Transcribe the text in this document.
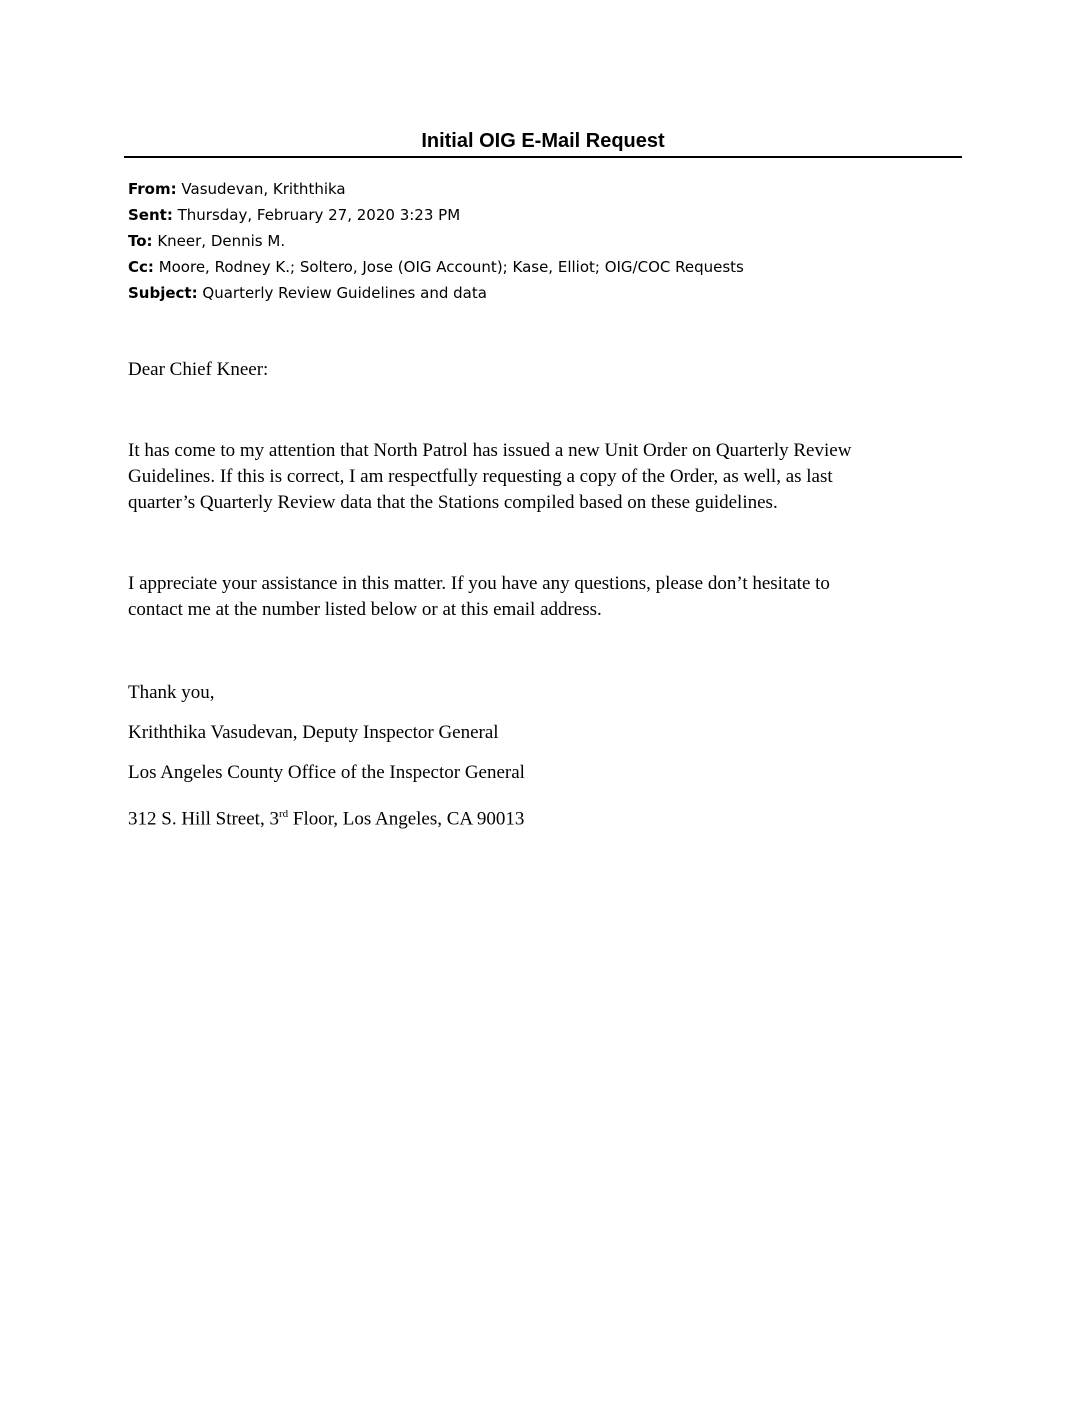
Initial OIG E-Mail Request
From: Vasudevan, Kriththika
Sent: Thursday, February 27, 2020 3:23 PM
To: Kneer, Dennis M.
Cc: Moore, Rodney K.; Soltero, Jose (OIG Account); Kase, Elliot; OIG/COC Requests
Subject: Quarterly Review Guidelines and data
Dear Chief Kneer:
It has come to my attention that North Patrol has issued a new Unit Order on Quarterly Review
Guidelines. If this is correct, I am respectfully requesting a copy of the Order, as well, as last
quarter’s Quarterly Review data that the Stations compiled based on these guidelines.
I appreciate your assistance in this matter. If you have any questions, please don’t hesitate to
contact me at the number listed below or at this email address.
Thank you,
Kriththika Vasudevan, Deputy Inspector General
Los Angeles County Office of the Inspector General
312 S. Hill Street, 3rd Floor, Los Angeles, CA 90013
